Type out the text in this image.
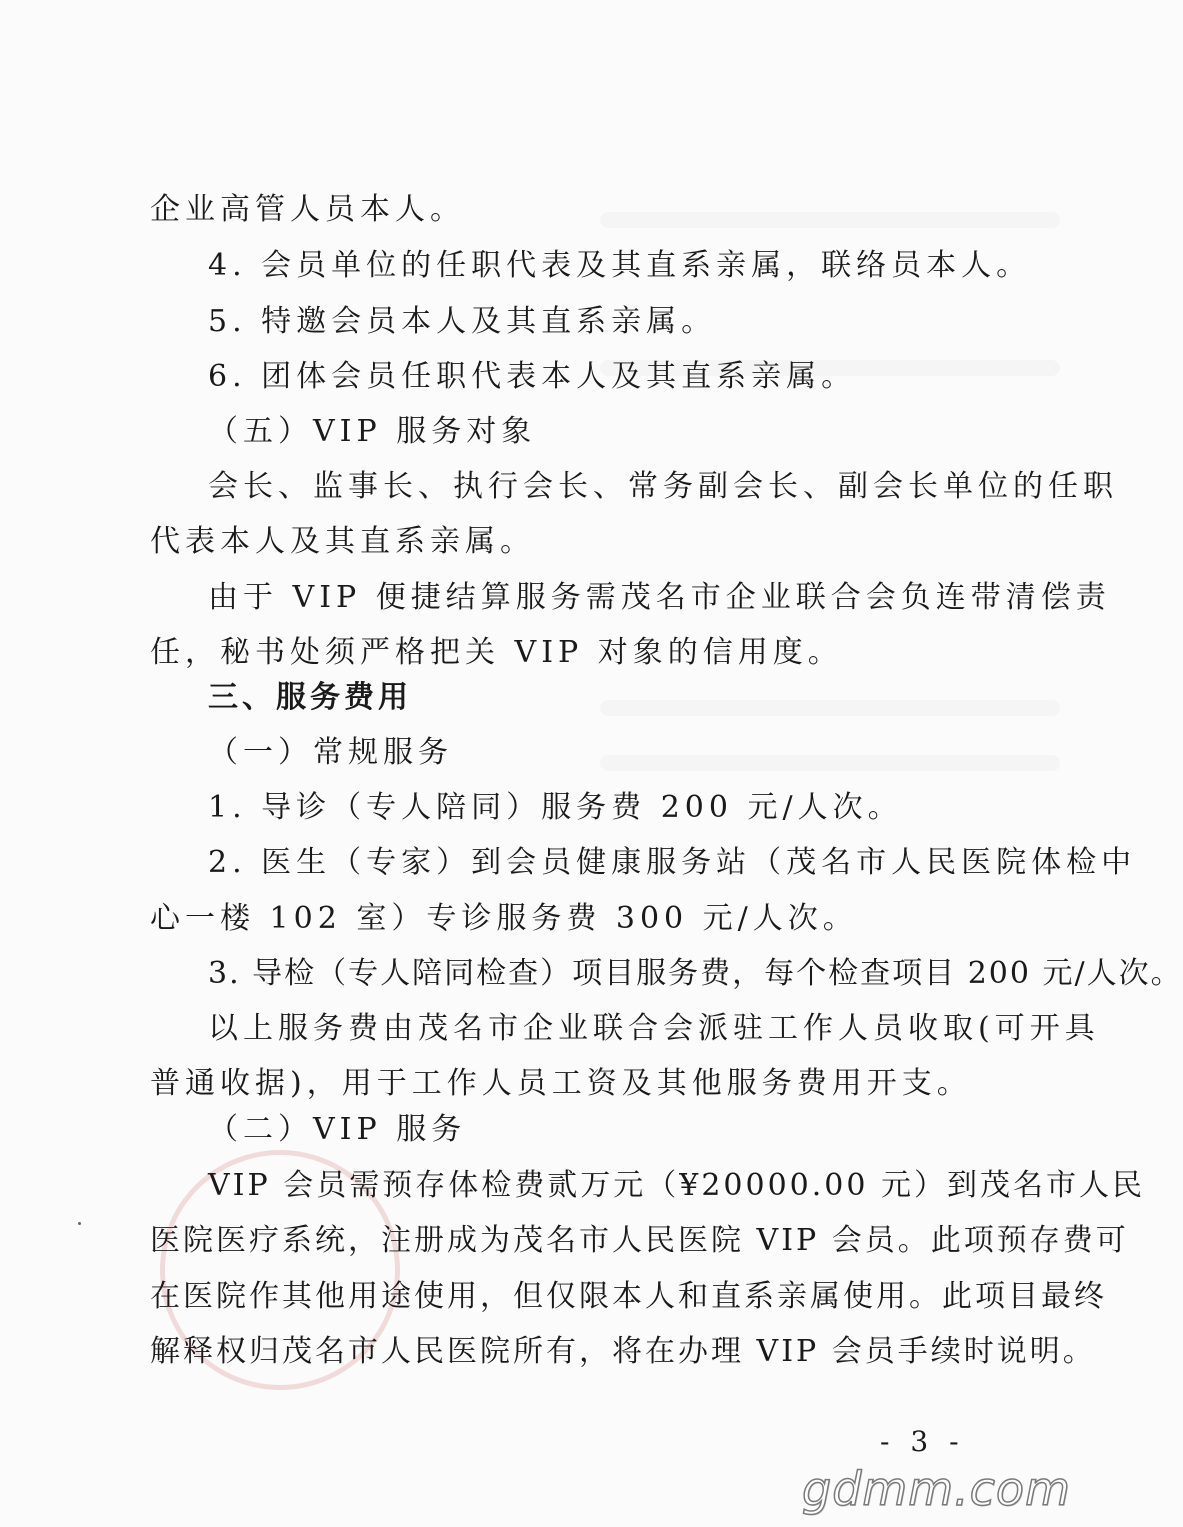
企业高管人员本人。
4. 会员单位的任职代表及其直系亲属，联络员本人。
5. 特邀会员本人及其直系亲属。
6. 团体会员任职代表本人及其直系亲属。
（五）VIP 服务对象
会长、监事长、执行会长、常务副会长、副会长单位的任职
代表本人及其直系亲属。
由于 VIP 便捷结算服务需茂名市企业联合会负连带清偿责
任，秘书处须严格把关 VIP 对象的信用度。
三、服务费用
（一）常规服务
1. 导诊（专人陪同）服务费 200 元/人次。
2. 医生（专家）到会员健康服务站（茂名市人民医院体检中
心一楼 102 室）专诊服务费 300 元/人次。
3. 导检（专人陪同检查）项目服务费，每个检查项目 200 元/人次。
以上服务费由茂名市企业联合会派驻工作人员收取(可开具
普通收据)，用于工作人员工资及其他服务费用开支。
（二）VIP 服务
VIP 会员需预存体检费贰万元（¥20000.00 元）到茂名市人民
医院医疗系统，注册成为茂名市人民医院 VIP 会员。此项预存费可
在医院作其他用途使用，但仅限本人和直系亲属使用。此项目最终
解释权归茂名市人民医院所有，将在办理 VIP 会员手续时说明。
- 3 -
gdmm.com
